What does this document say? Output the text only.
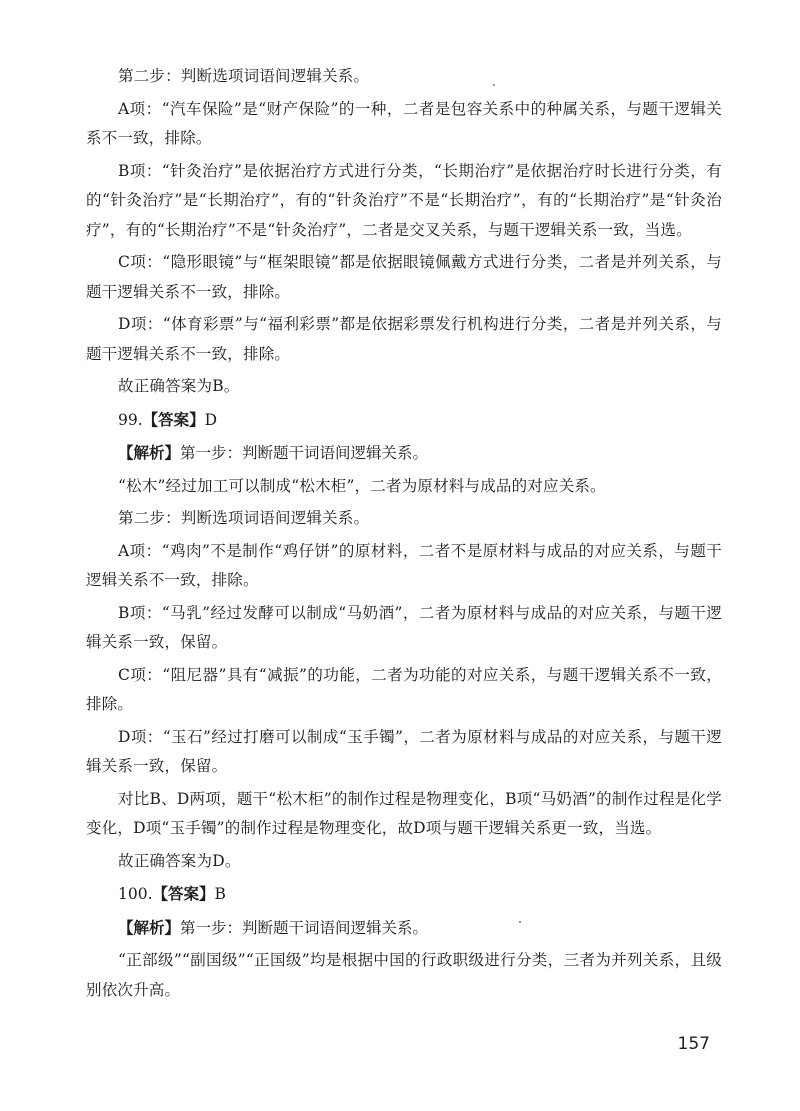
第二步：判断选项词语间逻辑关系。

A项：“汽车保险”是“财产保险”的一种，二者是包容关系中的种属关系，与题干逻辑关系不一致，排除。

B项：“针灸治疗”是依据治疗方式进行分类，“长期治疗”是依据治疗时长进行分类，有的“针灸治疗”是“长期治疗”，有的“针灸治疗”不是“长期治疗”，有的“长期治疗”是“针灸治疗”，有的“长期治疗”不是“针灸治疗”，二者是交叉关系，与题干逻辑关系一致，当选。

C项：“隐形眼镜”与“框架眼镜”都是依据眼镜佩戴方式进行分类，二者是并列关系，与题干逻辑关系不一致，排除。

D项：“体育彩票”与“福利彩票”都是依据彩票发行机构进行分类，二者是并列关系，与题干逻辑关系不一致，排除。

故正确答案为B。

99.【答案】D

【解析】第一步：判断题干词语间逻辑关系。

“松木”经过加工可以制成“松木柜”，二者为原材料与成品的对应关系。

第二步：判断选项词语间逻辑关系。

A项：“鸡肉”不是制作“鸡仔饼”的原材料，二者不是原材料与成品的对应关系，与题干逻辑关系不一致，排除。

B项：“马乳”经过发酵可以制成“马奶酒”，二者为原材料与成品的对应关系，与题干逻辑关系一致，保留。

C项：“阻尼器”具有“减振”的功能，二者为功能的对应关系，与题干逻辑关系不一致，排除。

D项：“玉石”经过打磨可以制成“玉手镯”，二者为原材料与成品的对应关系，与题干逻辑关系一致，保留。

对比B、D两项，题干“松木柜”的制作过程是物理变化，B项“马奶酒”的制作过程是化学变化，D项“玉手镯”的制作过程是物理变化，故D项与题干逻辑关系更一致，当选。

故正确答案为D。

100.【答案】B

【解析】第一步：判断题干词语间逻辑关系。

“正部级”“副国级”“正国级”均是根据中国的行政职级进行分类，三者为并列关系，且级别依次升高。

157
